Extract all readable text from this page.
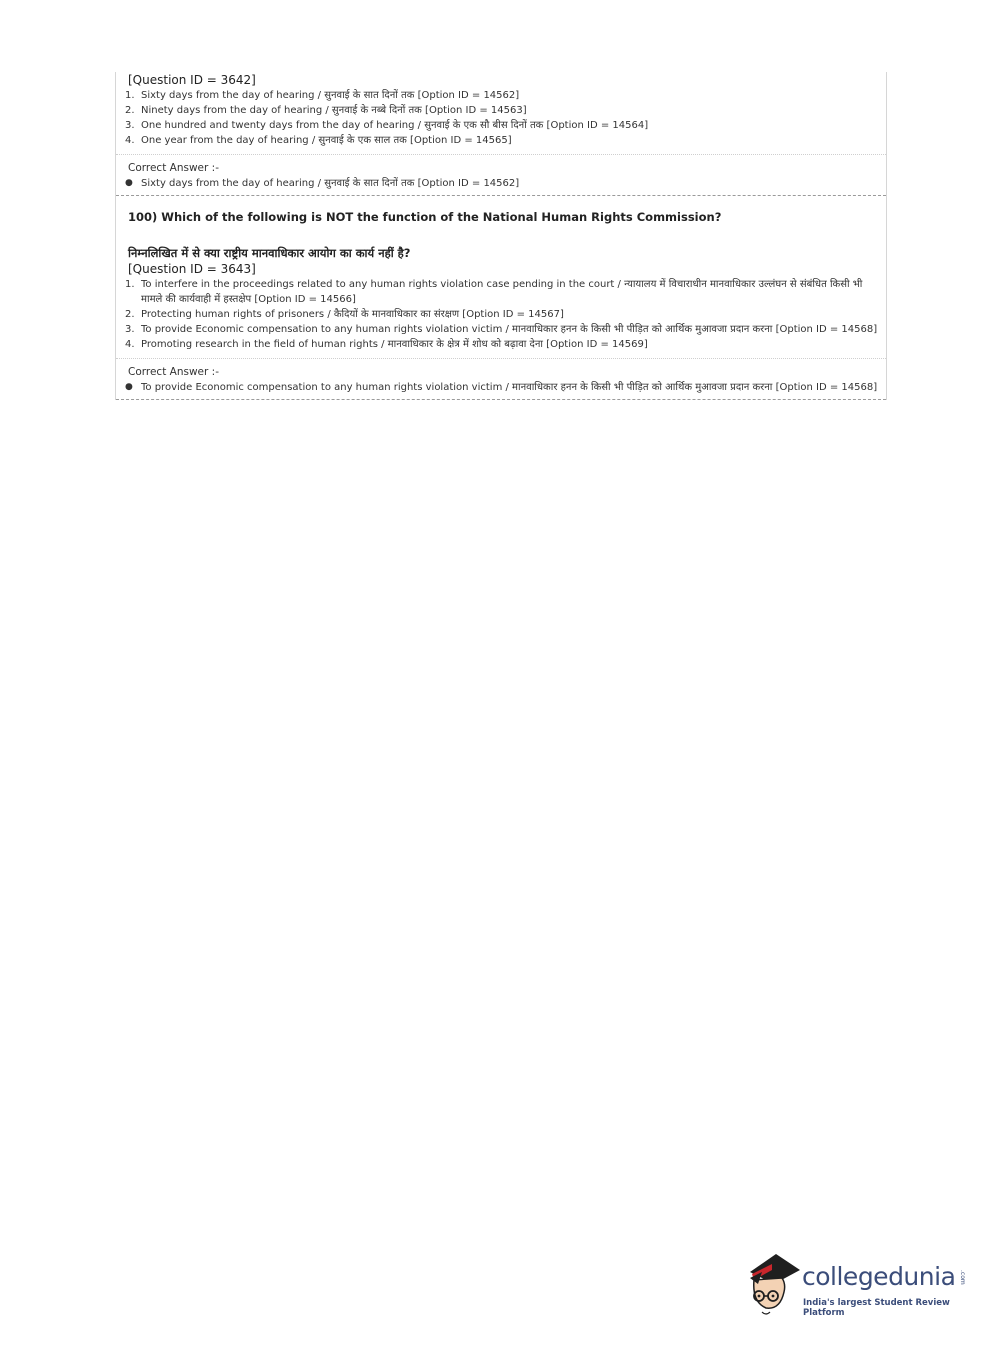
[Question ID = 3642]

1. Sixty days from the day of hearing / सुनवाई के सात दिनों तक [Option ID = 14562]
2. Ninety days from the day of hearing / सुनवाई के नब्बे दिनों तक [Option ID = 14563]
3. One hundred and twenty days from the day of hearing / सुनवाई के एक सौ बीस दिनों तक [Option ID = 14564]
4. One year from the day of hearing / सुनवाई के एक साल तक [Option ID = 14565]
Correct Answer :-
● Sixty days from the day of hearing / सुनवाई के सात दिनों तक [Option ID = 14562]

100) Which of the following is NOT the function of the National Human Rights Commission?

निम्नलिखित में से क्या राष्ट्रीय मानवाधिकार आयोग का कार्य नहीं है?

[Question ID = 3643]

1. To interfere in the proceedings related to any human rights violation case pending in the court / न्यायालय में विचाराधीन मानवाधिकार उल्लंघन से संबंधित किसी भी मामले की कार्यवाही में हस्तक्षेप [Option ID = 14566]
2. Protecting human rights of prisoners / कैदियों के मानवाधिकार का संरक्षण [Option ID = 14567]
3. To provide Economic compensation to any human rights violation victim / मानवाधिकार हनन के किसी भी पीड़ित को आर्थिक मुआवजा प्रदान करना [Option ID = 14568]
4. Promoting research in the field of human rights / मानवाधिकार के क्षेत्र में शोध को बढ़ावा देना [Option ID = 14569]
Correct Answer :-
● To provide Economic compensation to any human rights violation victim / मानवाधिकार हनन के किसी भी पीड़ित को आर्थिक मुआवजा प्रदान करना [Option ID = 14568]
collegedunia .com
India's largest Student Review Platform
